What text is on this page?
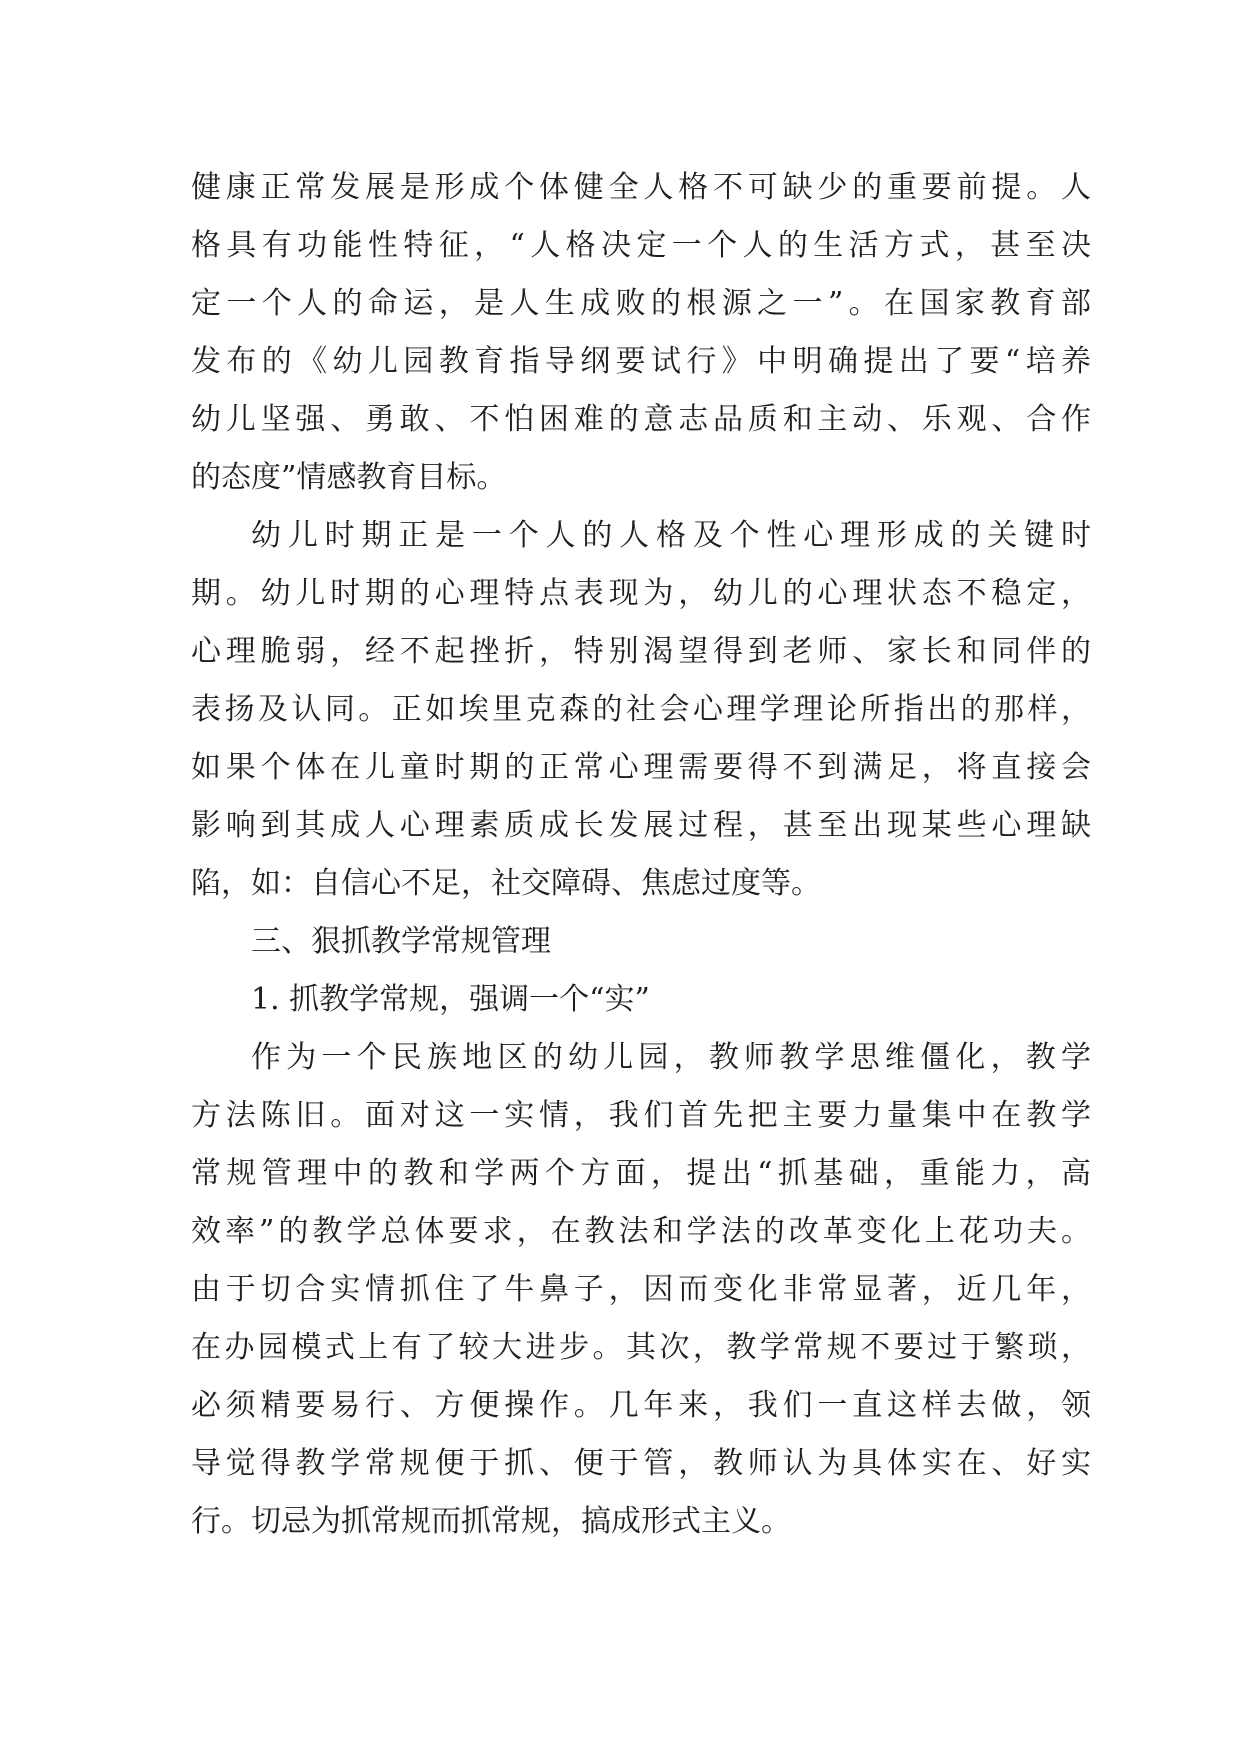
健康正常发展是形成个体健全人格不可缺少的重要前提。人
格具有功能性特征，“人格决定一个人的生活方式，甚至决
定一个人的命运，是人生成败的根源之一”。在国家教育部
发布的《幼儿园教育指导纲要试行》中明确提出了要“培养
幼儿坚强、勇敢、不怕困难的意志品质和主动、乐观、合作
的态度”情感教育目标。
幼儿时期正是一个人的人格及个性心理形成的关键时
期。幼儿时期的心理特点表现为，幼儿的心理状态不稳定，
心理脆弱，经不起挫折，特别渴望得到老师、家长和同伴的
表扬及认同。正如埃里克森的社会心理学理论所指出的那样，
如果个体在儿童时期的正常心理需要得不到满足，将直接会
影响到其成人心理素质成长发展过程，甚至出现某些心理缺
陷，如：自信心不足，社交障碍、焦虑过度等。
三、狠抓教学常规管理
1. 抓教学常规，强调一个“实”
作为一个民族地区的幼儿园，教师教学思维僵化，教学
方法陈旧。面对这一实情，我们首先把主要力量集中在教学
常规管理中的教和学两个方面，提出“抓基础，重能力，高
效率”的教学总体要求，在教法和学法的改革变化上花功夫。
由于切合实情抓住了牛鼻子，因而变化非常显著，近几年，
在办园模式上有了较大进步。其次，教学常规不要过于繁琐，
必须精要易行、方便操作。几年来，我们一直这样去做，领
导觉得教学常规便于抓、便于管，教师认为具体实在、好实
行。切忌为抓常规而抓常规，搞成形式主义。
